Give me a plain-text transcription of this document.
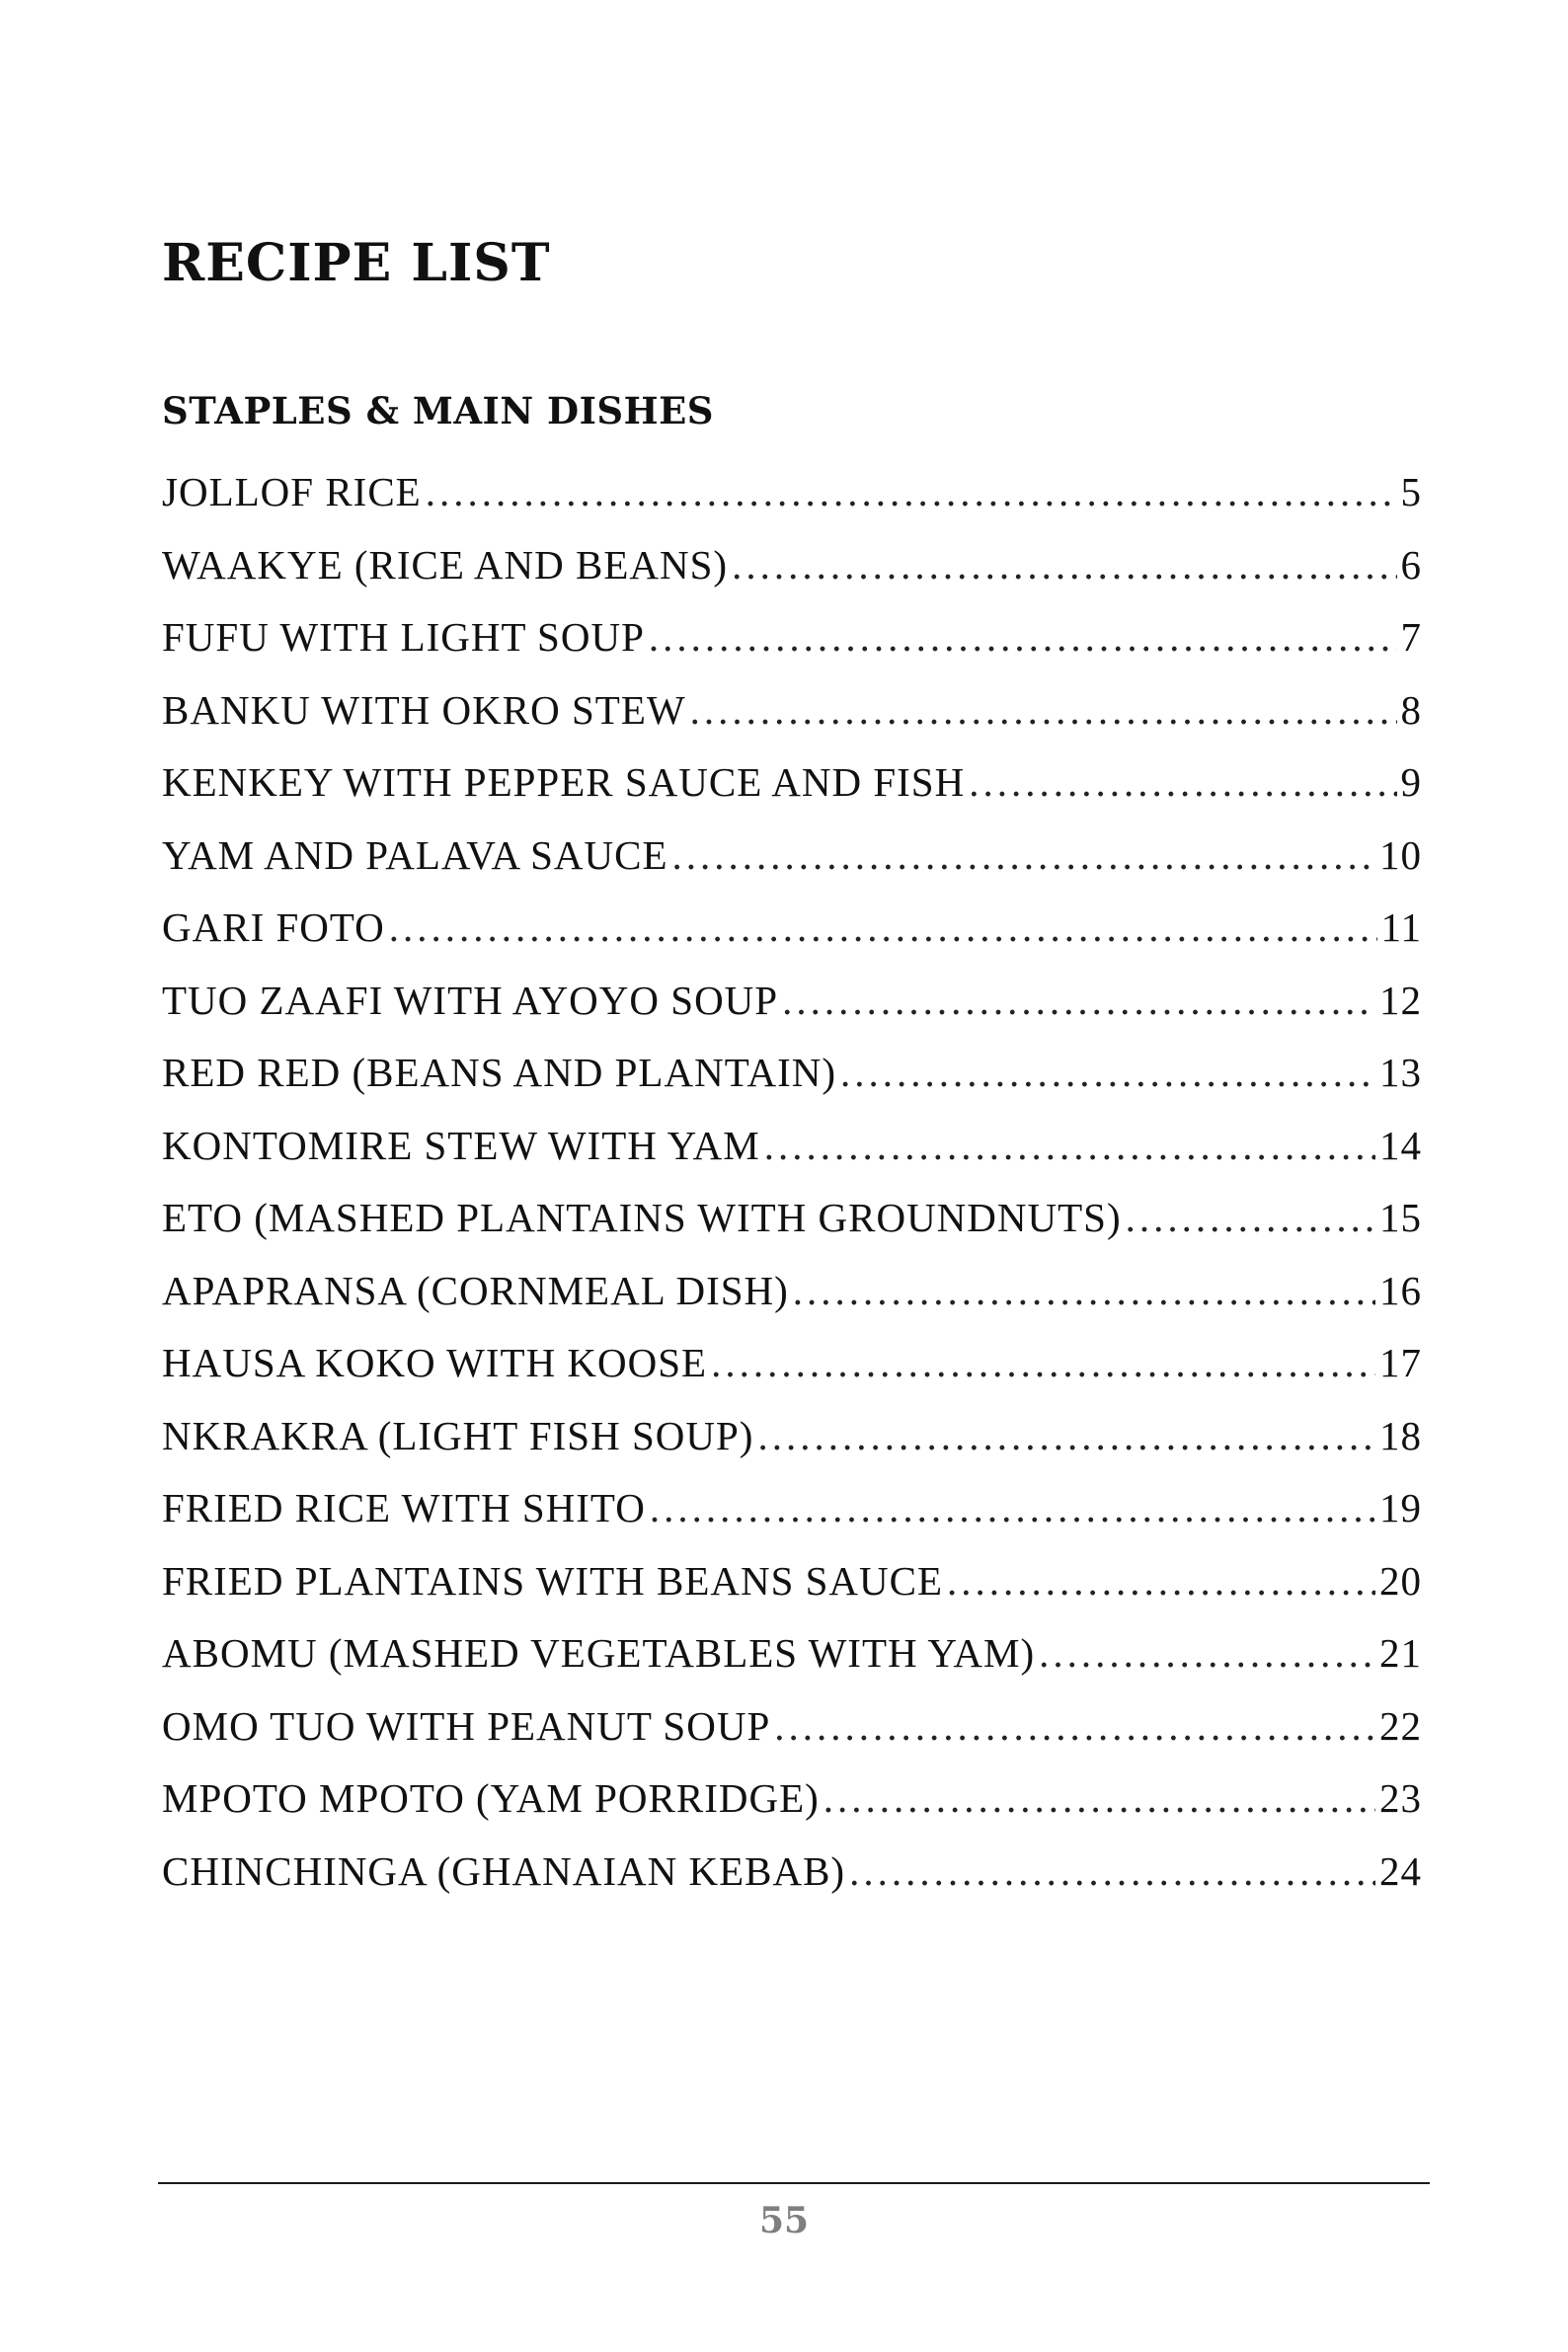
RECIPE LIST
STAPLES & MAIN DISHES
JOLLOF RICE .....	5
WAAKYE (RICE AND BEANS) .....	6
FUFU WITH LIGHT SOUP .....	7
BANKU WITH OKRO STEW .....	8
KENKEY WITH PEPPER SAUCE AND FISH .....	9
YAM AND PALAVA SAUCE .....	10
GARI FOTO .....	11
TUO ZAAFI WITH AYOYO SOUP .....	12
RED RED (BEANS AND PLANTAIN) .....	13
KONTOMIRE STEW WITH YAM .....	14
ETO (MASHED PLANTAINS WITH GROUNDNUTS) .....	15
APAPRANSA (CORNMEAL DISH) .....	16
HAUSA KOKO WITH KOOSE .....	17
NKRAKRA (LIGHT FISH SOUP) .....	18
FRIED RICE WITH SHITO .....	19
FRIED PLANTAINS WITH BEANS SAUCE .....	20
ABOMU (MASHED VEGETABLES WITH YAM) .....	21
OMO TUO WITH PEANUT SOUP .....	22
MPOTO MPOTO (YAM PORRIDGE) .....	23
CHINCHINGA (GHANAIAN KEBAB) .....	24
55
